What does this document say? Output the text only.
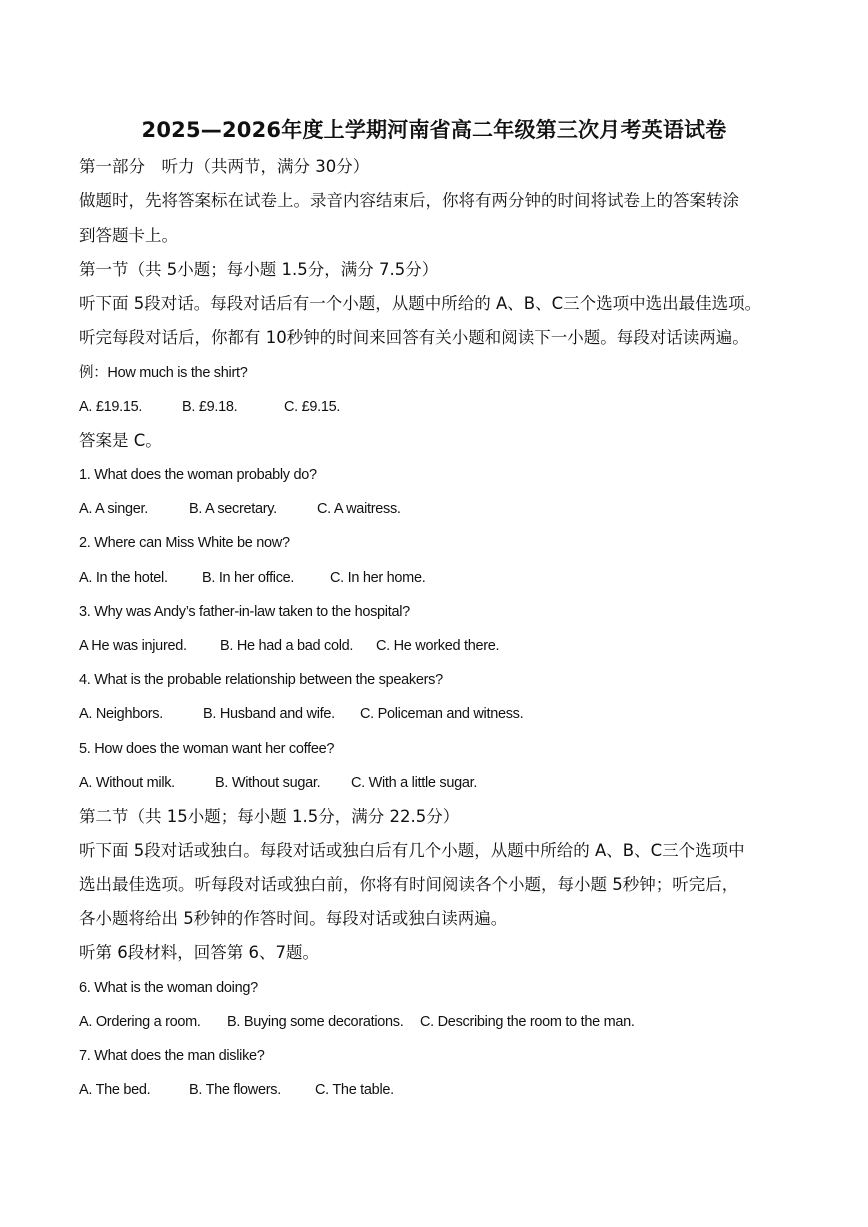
2025—2026年度上学期河南省高二年级第三次月考英语试卷
第一部分　听力（共两节，满分 30分）
做题时，先将答案标在试卷上。录音内容结束后，你将有两分钟的时间将试卷上的答案转涂
到答题卡上。
第一节（共 5小题；每小题 1.5分，满分 7.5分）
听下面 5段对话。每段对话后有一个小题，从题中所给的 A、B、C三个选项中选出最佳选项。
听完每段对话后，你都有 10秒钟的时间来回答有关小题和阅读下一小题。每段对话读两遍。
例：How much is the shirt?
A. £19.15.	B. £9.18.	C. £9.15.
答案是 C。
1. What does the woman probably do?
A. A singer.	B. A secretary.	C. A waitress.
2. Where can Miss White be now?
A. In the hotel. B. In her office. C. In her home.
3. Why was Andy’s father-in-law taken to the hospital?
A He was injured. B. He had a bad cold. C. He worked there.
4. What is the probable relationship between the speakers?
A. Neighbors.	B. Husband and wife. C. Policeman and witness.
5. How does the woman want her coffee?
A. Without milk.	B. Without sugar. C. With a little sugar.
第二节（共 15小题；每小题 1.5分，满分 22.5分）
听下面 5段对话或独白。每段对话或独白后有几个小题，从题中所给的 A、B、C三个选项中
选出最佳选项。听每段对话或独白前，你将有时间阅读各个小题，每小题 5秒钟；听完后，
各小题将给出 5秒钟的作答时间。每段对话或独白读两遍。
听第 6段材料，回答第 6、7题。
6. What is the woman doing?
A. Ordering a room. B. Buying some decorations. C. Describing the room to the man.
7. What does the man dislike?
A. The bed.	B. The flowers. C. The table.
